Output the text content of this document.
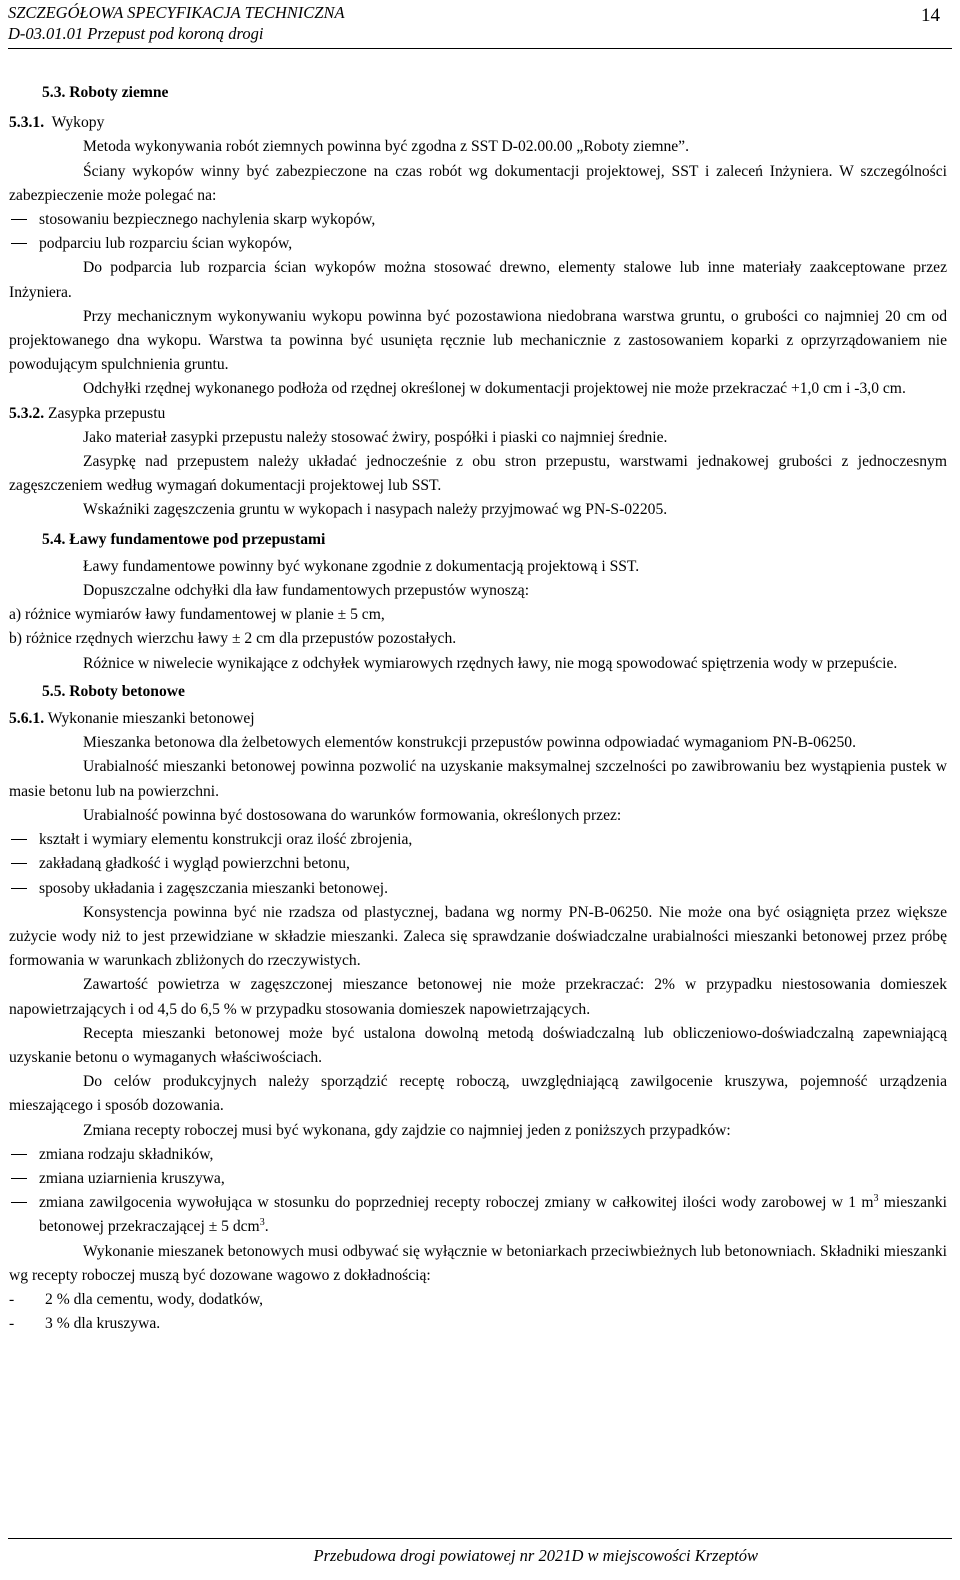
SZCZEGÓŁOWA SPECYFIKACJA TECHNICZNA
D-03.01.01 Przepust pod koroną drogi
14

5.3. Roboty ziemne

5.3.1. Wykopy

Metoda wykonywania robót ziemnych powinna być zgodna z SST D-02.00.00 „Roboty ziemne”.

Ściany wykopów winny być zabezpieczone na czas robót wg dokumentacji projektowej, SST i zaleceń Inżyniera. W szczególności zabezpieczenie może polegać na:

stosowaniu bezpiecznego nachylenia skarp wykopów,
podparciu lub rozparciu ścian wykopów,

Do podparcia lub rozparcia ścian wykopów można stosować drewno, elementy stalowe lub inne materiały zaakceptowane przez Inżyniera.

Przy mechanicznym wykonywaniu wykopu powinna być pozostawiona niedobrana warstwa gruntu, o grubości co najmniej 20 cm od projektowanego dna wykopu. Warstwa ta powinna być usunięta ręcznie lub mechanicznie z zastosowaniem koparki z oprzyrządowaniem nie powodującym spulchnienia gruntu.

Odchyłki rzędnej wykonanego podłoża od rzędnej określonej w dokumentacji projektowej nie może przekraczać +1,0 cm i -3,0 cm.

5.3.2. Zasypka przepustu

Jako materiał zasypki przepustu należy stosować żwiry, pospółki i piaski co najmniej średnie.

Zasypkę nad przepustem należy układać jednocześnie z obu stron przepustu, warstwami jednakowej grubości z jednoczesnym zagęszczeniem według wymagań dokumentacji projektowej lub SST.

Wskaźniki zagęszczenia gruntu w wykopach i nasypach należy przyjmować wg PN-S-02205.

5.4. Ławy fundamentowe pod przepustami

Ławy fundamentowe powinny być wykonane zgodnie z dokumentacją projektową i SST.

Dopuszczalne odchyłki dla ław fundamentowych przepustów wynoszą:

a) różnice wymiarów ławy fundamentowej w planie ± 5 cm,

b) różnice rzędnych wierzchu ławy ± 2 cm dla przepustów pozostałych.

Różnice w niwelecie wynikające z odchyłek wymiarowych rzędnych ławy, nie mogą spowodować spiętrzenia wody w przepuście.

5.5. Roboty betonowe

5.6.1. Wykonanie mieszanki betonowej

Mieszanka betonowa dla żelbetowych elementów konstrukcji przepustów powinna odpowiadać wymaganiom PN-B-06250.

Urabialność mieszanki betonowej powinna pozwolić na uzyskanie maksymalnej szczelności po zawibrowaniu bez wystąpienia pustek w masie betonu lub na powierzchni.

Urabialność powinna być dostosowana do warunków formowania, określonych przez:

kształt i wymiary elementu konstrukcji oraz ilość zbrojenia,
zakładaną gładkość i wygląd powierzchni betonu,
sposoby układania i zagęszczania mieszanki betonowej.

Konsystencja powinna być nie rzadsza od plastycznej, badana wg normy PN-B-06250. Nie może ona być osiągnięta przez większe zużycie wody niż to jest przewidziane w składzie mieszanki. Zaleca się sprawdzanie doświadczalne urabialności mieszanki betonowej przez próbę formowania w warunkach zbliżonych do rzeczywistych.

Zawartość powietrza w zagęszczonej mieszance betonowej nie może przekraczać: 2% w przypadku niestosowania domieszek napowietrzających i od 4,5 do 6,5 % w przypadku stosowania domieszek napowietrzających.

Recepta mieszanki betonowej może być ustalona dowolną metodą doświadczalną lub obliczeniowo-doświadczalną zapewniającą uzyskanie betonu o wymaganych właściwościach.

Do celów produkcyjnych należy sporządzić receptę roboczą, uwzględniającą zawilgocenie kruszywa, pojemność urządzenia mieszającego i sposób dozowania.

Zmiana recepty roboczej musi być wykonana, gdy zajdzie co najmniej jeden z poniższych przypadków:

zmiana rodzaju składników,
zmiana uziarnienia kruszywa,
zmiana zawilgocenia wywołująca w stosunku do poprzedniej recepty roboczej zmiany w całkowitej ilości wody zarobowej w 1 $m^3$ mieszanki betonowej przekraczającej ± 5 dcm$^3$.

Wykonanie mieszanek betonowych musi odbywać się wyłącznie w betoniarkach przeciwbieżnych lub betonowniach. Składniki mieszanki wg recepty roboczej muszą być dozowane wagowo z dokładnością:

- 2 % dla cementu, wody, dodatków,
- 3 % dla kruszywa.
Przebudowa drogi powiatowej nr 2021D w miejscowości Krzeptów
